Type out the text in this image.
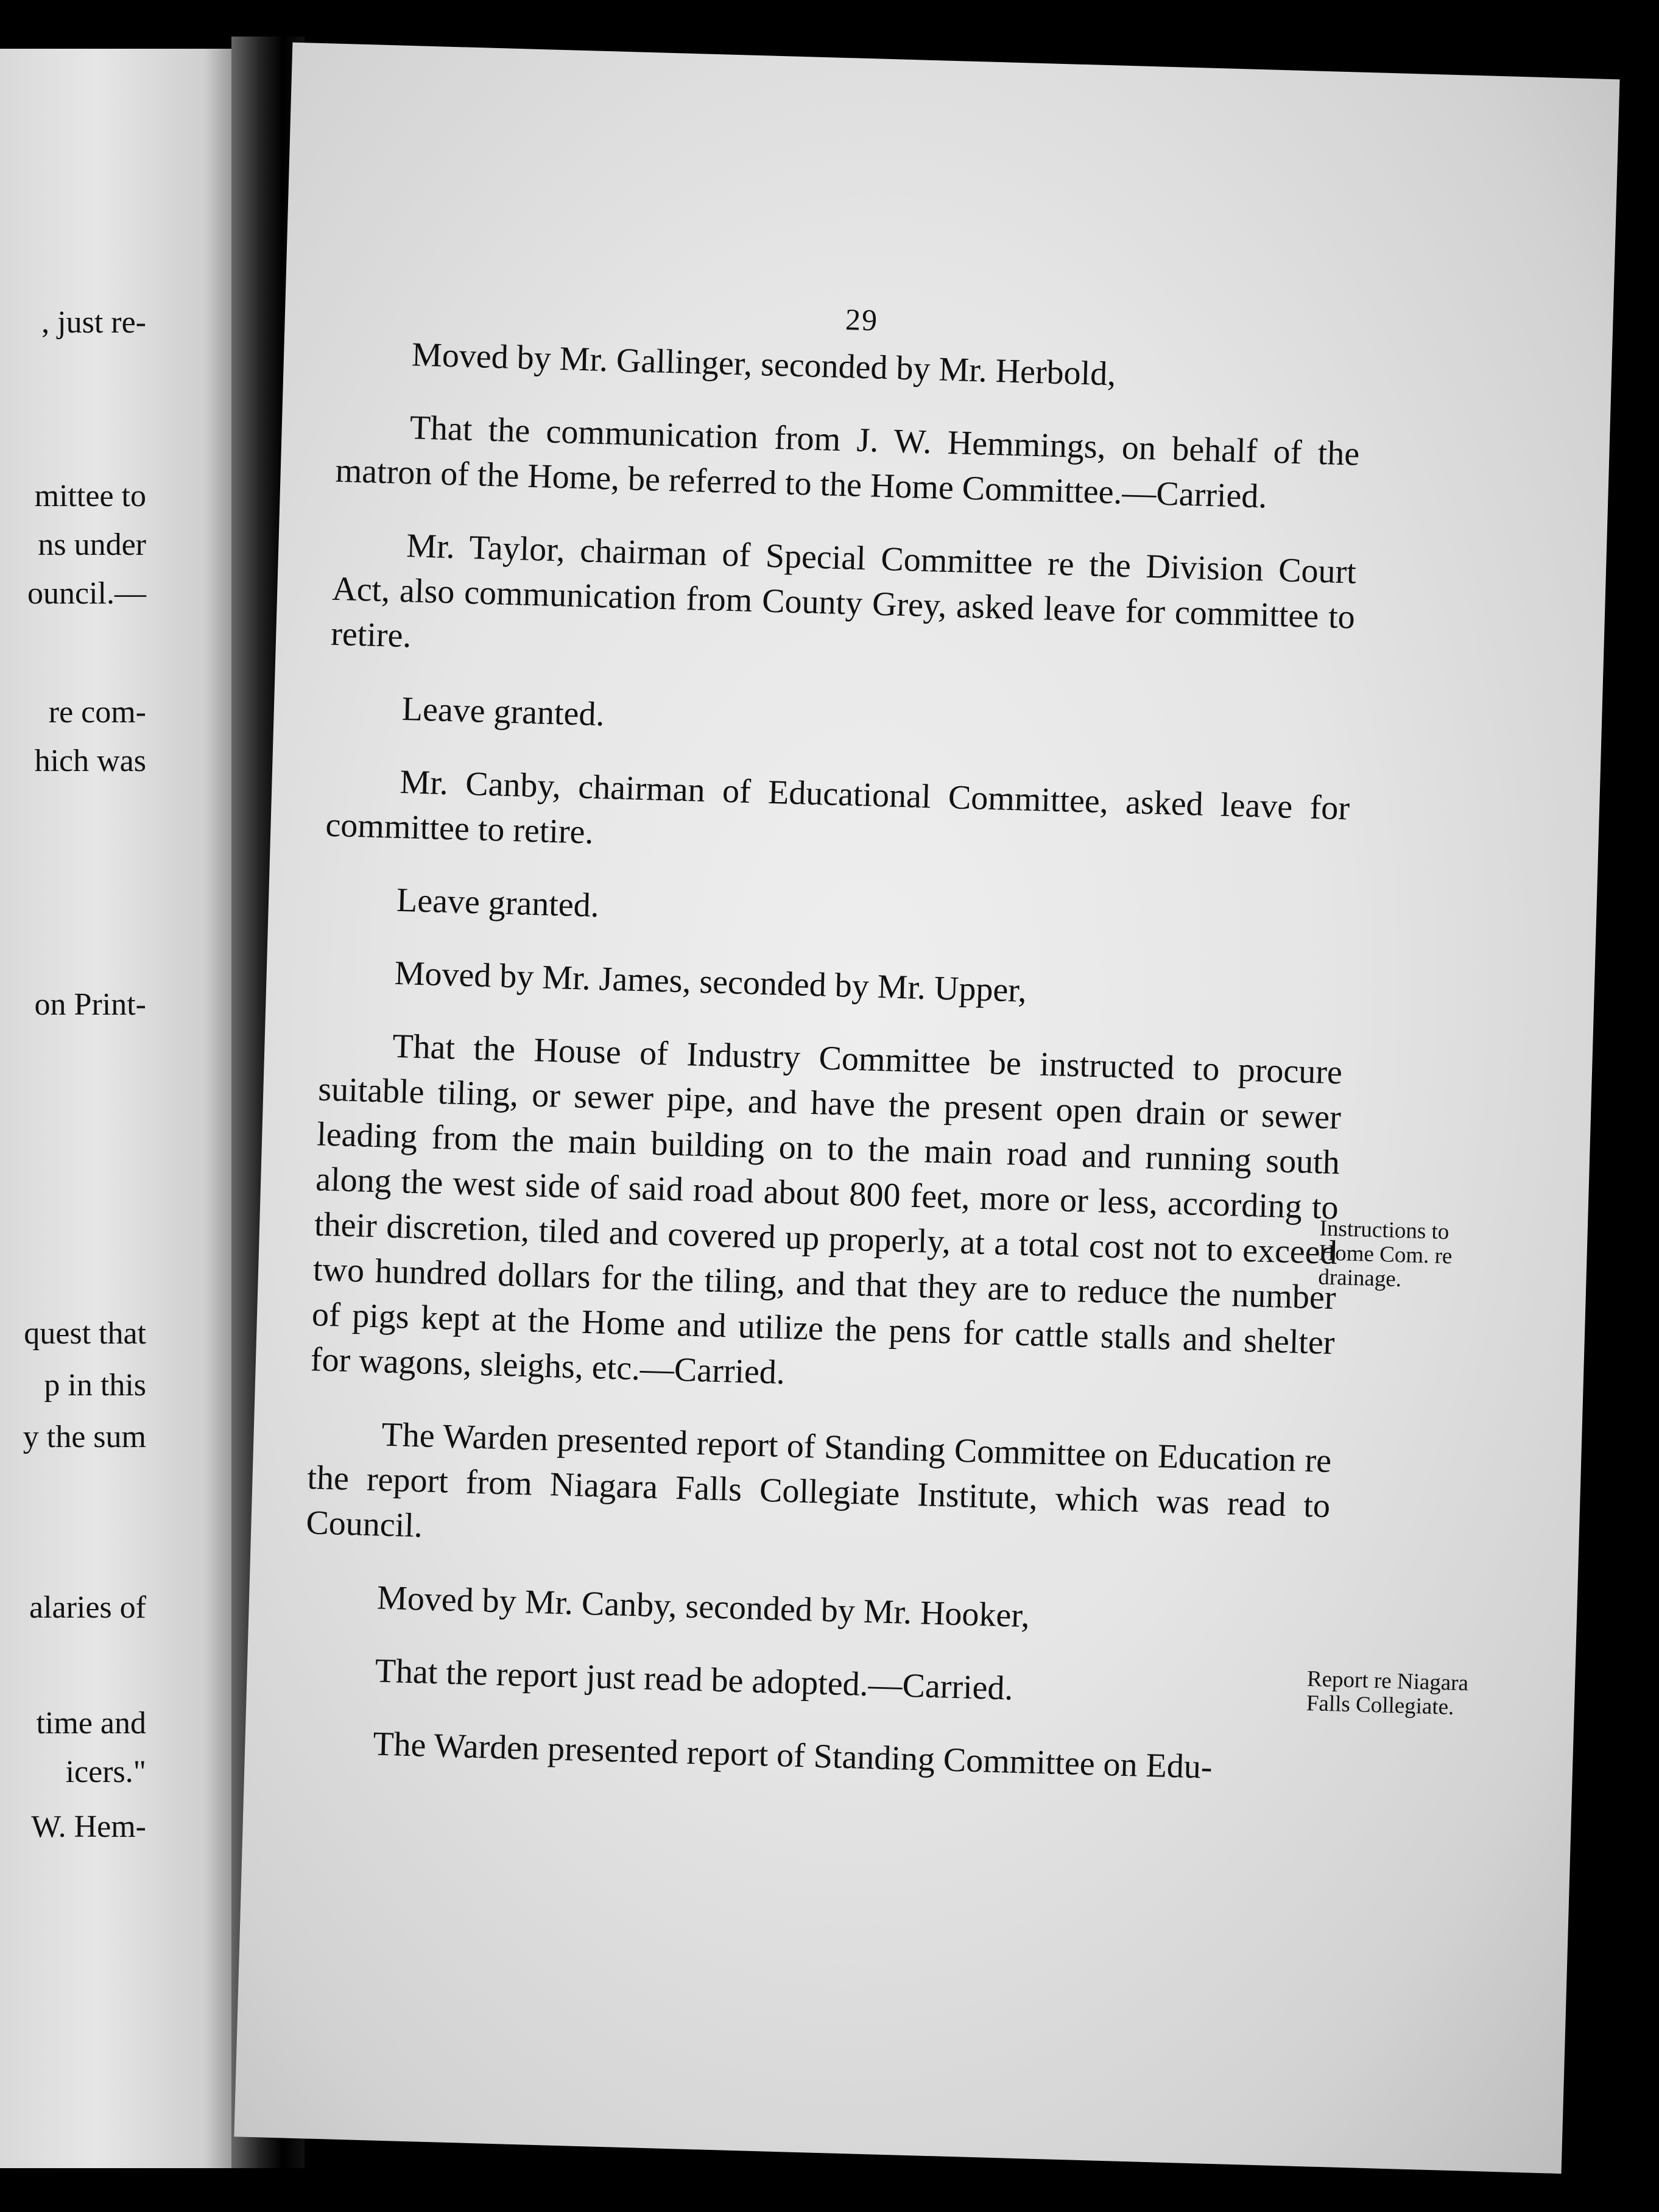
, just re-
mittee to
ns under
ouncil.—
re com-
hich was
on Print-
quest that
p in this
y the sum
alaries of
time and
icers."
W. Hem-
29

Moved by Mr. Gallinger, seconded by Mr. Herbold,

That the communication from J. W. Hemmings, on behalf of the matron of the Home, be referred to the Home Committee.—Carried.

Mr. Taylor, chairman of Special Committee re the Division Court Act, also communication from County Grey, asked leave for committee to retire.

Leave granted.

Mr. Canby, chairman of Educational Committee, asked leave for committee to retire.

Leave granted.

Moved by Mr. James, seconded by Mr. Upper,

That the House of Industry Committee be instructed to procure suitable tiling, or sewer pipe, and have the present open drain or sewer leading from the main building on to the main road and running south along the west side of said road about 800 feet, more or less, according to their discretion, tiled and covered up properly, at a total cost not to exceed two hundred dollars for the tiling, and that they are to reduce the number of pigs kept at the Home and utilize the pens for cattle stalls and shelter for wagons, sleighs, etc.—Carried.

The Warden presented report of Standing Committee on Education re the report from Niagara Falls Collegiate Institute, which was read to Council.

Moved by Mr. Canby, seconded by Mr. Hooker,

That the report just read be adopted.—Carried.

The Warden presented report of Standing Committee on Edu-

Instructions to Home Com. re drainage.
Report re Niagara Falls Collegiate.
